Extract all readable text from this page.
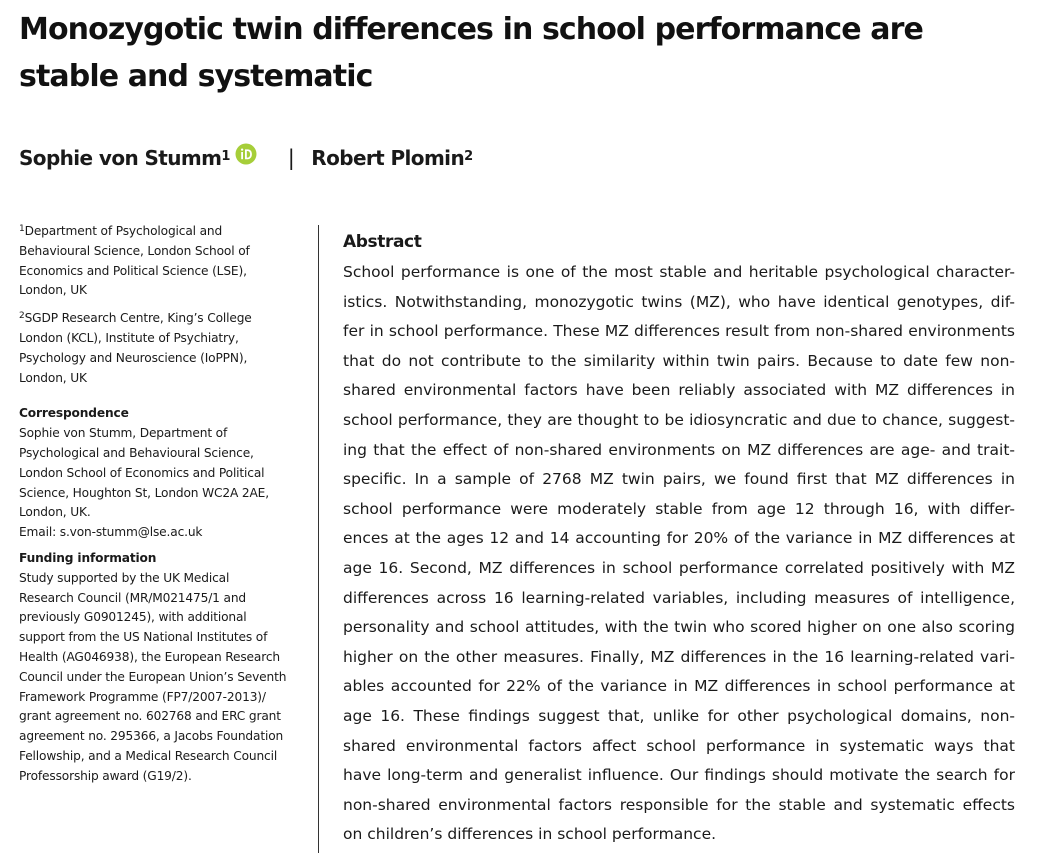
Monozygotic twin differences in school performance are stable and systematic
Sophie von Stumm$^1$	| Robert Plomin$^2$
$^1$Department of Psychological and
Behavioural Science, London School of
Economics and Political Science (LSE),
London, UK
$^2$SGDP Research Centre, King’s College
London (KCL), Institute of Psychiatry,
Psychology and Neuroscience (IoPPN),
London, UK
Correspondence
Sophie von Stumm, Department of
Psychological and Behavioural Science,
London School of Economics and Political
Science, Houghton St, London WC2A 2AE,
London, UK.
Email: s.von-stumm@lse.ac.uk
Funding information
Study supported by the UK Medical
Research Council (MR/M021475/1 and
previously G0901245), with additional
support from the US National Institutes of
Health (AG046938), the European Research
Council under the European Union’s Seventh
Framework Programme (FP7/2007-2013)/
grant agreement no. 602768 and ERC grant
agreement no. 295366, a Jacobs Foundation
Fellowship, and a Medical Research Council
Professorship award (G19/2).
Abstract
School performance is one of the most stable and heritable psychological character-
istics. Notwithstanding, monozygotic twins (MZ), who have identical genotypes, dif-
fer in school performance. These MZ differences result from non-shared environments
that do not contribute to the similarity within twin pairs. Because to date few non-
shared environmental factors have been reliably associated with MZ differences in
school performance, they are thought to be idiosyncratic and due to chance, suggest-
ing that the effect of non-shared environments on MZ differences are age- and trait-
specific. In a sample of 2768 MZ twin pairs, we found first that MZ differences in
school performance were moderately stable from age 12 through 16, with differ-
ences at the ages 12 and 14 accounting for 20% of the variance in MZ differences at
age 16. Second, MZ differences in school performance correlated positively with MZ
differences across 16 learning-related variables, including measures of intelligence,
personality and school attitudes, with the twin who scored higher on one also scoring
higher on the other measures. Finally, MZ differences in the 16 learning-related vari-
ables accounted for 22% of the variance in MZ differences in school performance at
age 16. These findings suggest that, unlike for other psychological domains, non-
shared environmental factors affect school performance in systematic ways that
have long-term and generalist influence. Our findings should motivate the search for
non-shared environmental factors responsible for the stable and systematic effects
on children’s differences in school performance.
